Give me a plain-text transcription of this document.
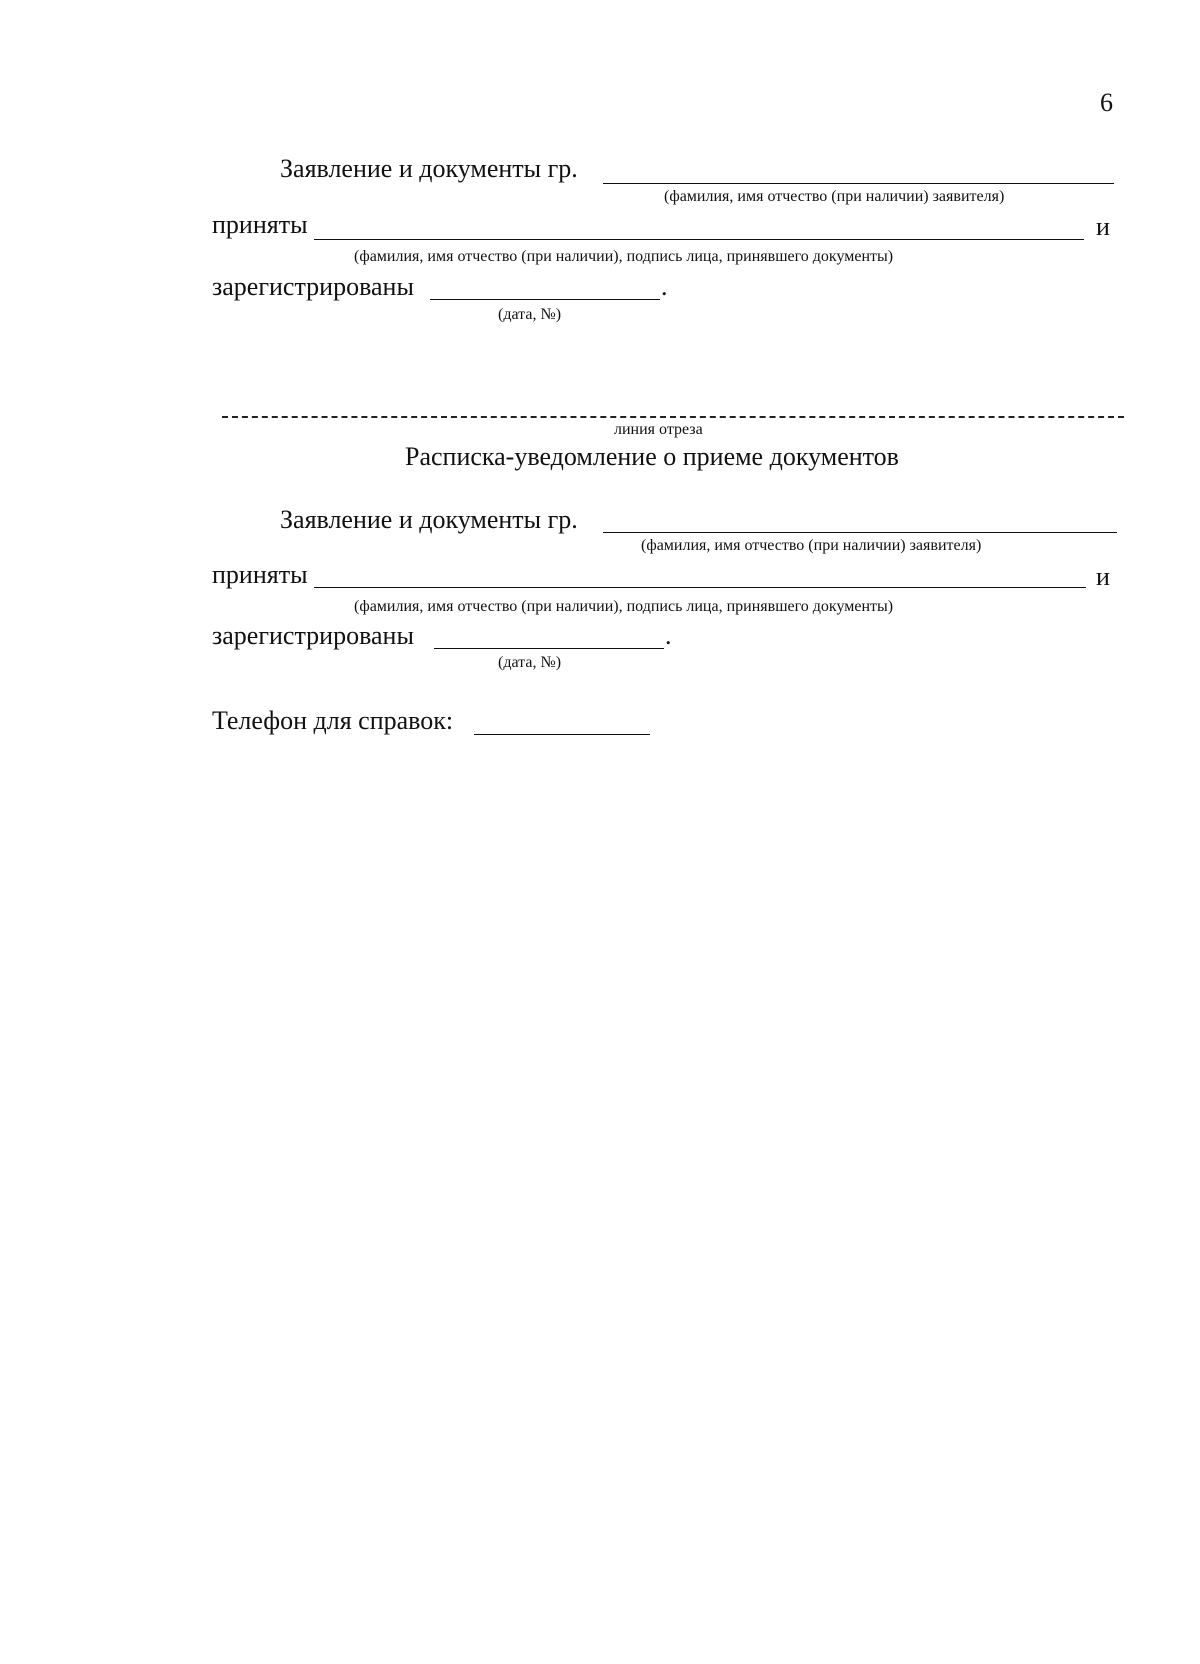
6
Заявление и документы гр.
(фамилия, имя отчество (при наличии) заявителя)
приняты	и
(фамилия, имя отчество (при наличии), подпись лица, принявшего документы)
зарегистрированы	.
(дата, №)
линия отреза
Расписка-уведомление о приеме документов
Заявление и документы гр.
(фамилия, имя отчество (при наличии) заявителя)
приняты	и
(фамилия, имя отчество (при наличии), подпись лица, принявшего документы)
зарегистрированы	.
(дата, №)
Телефон для справок:
